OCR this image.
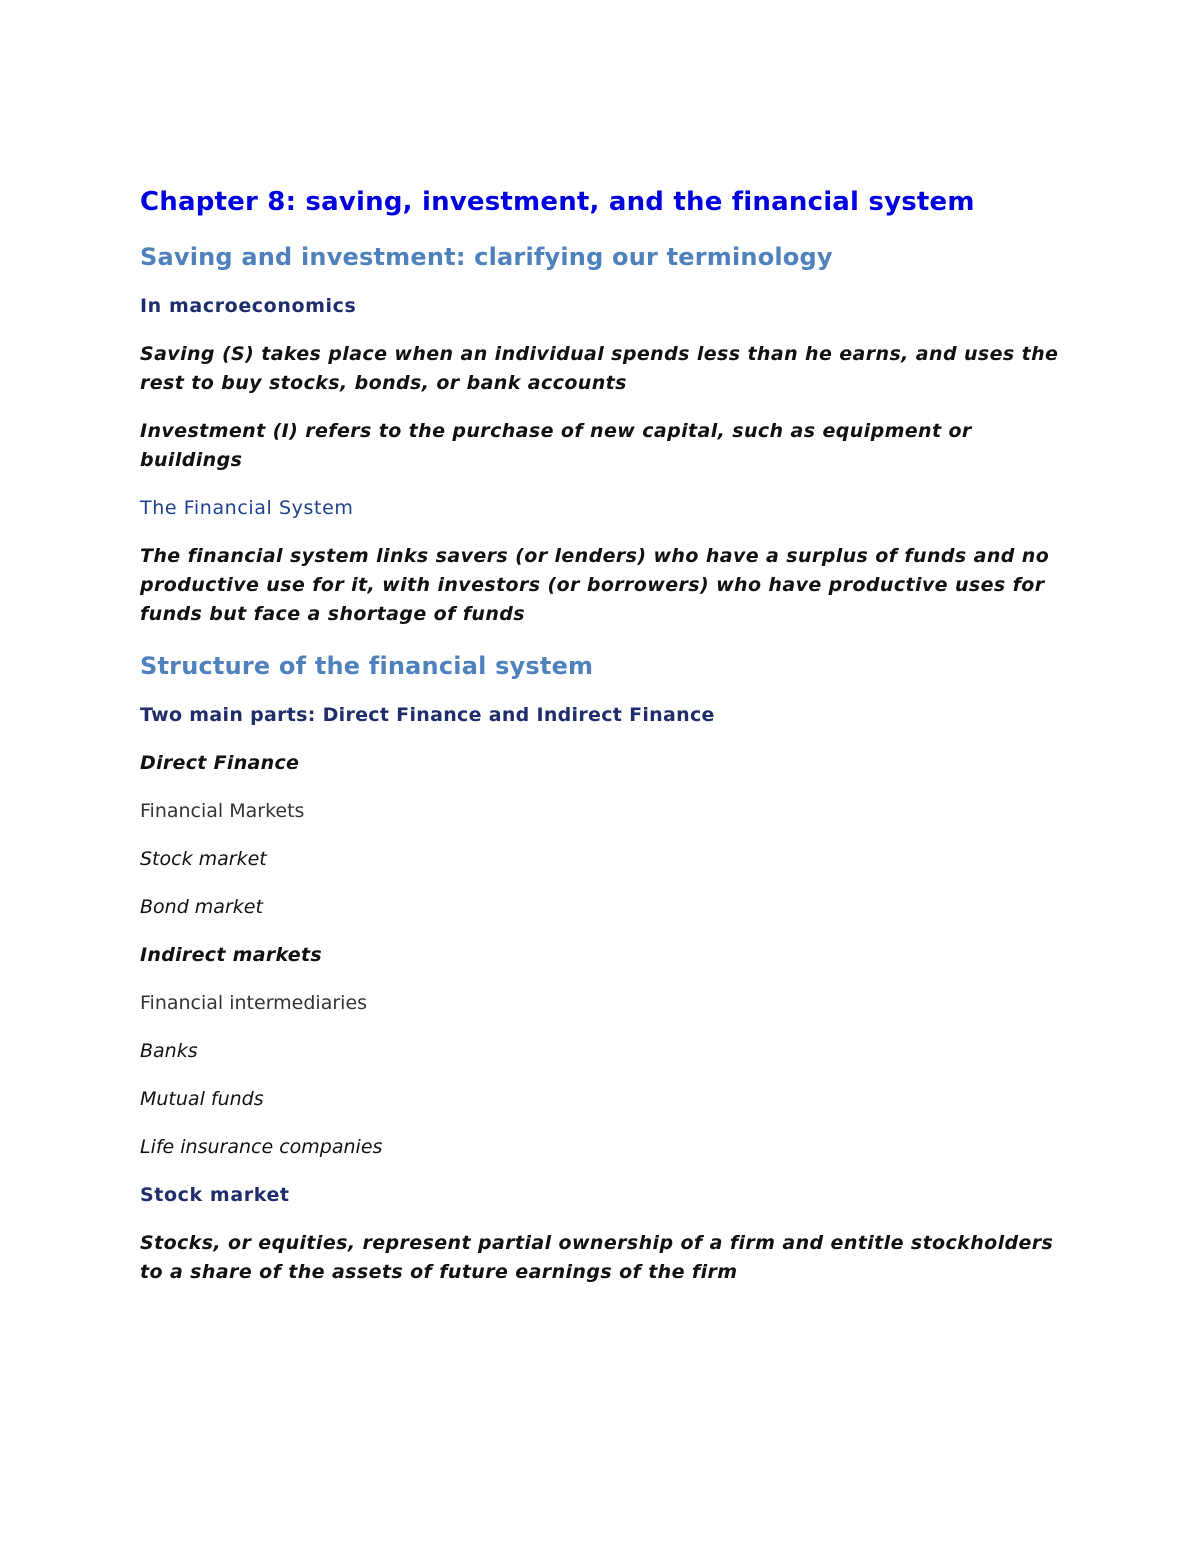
Chapter 8: saving, investment, and the financial system
Saving and investment: clarifying our terminology
In macroeconomics
Saving (S) takes place when an individual spends less than he earns, and uses the rest to buy stocks, bonds, or bank accounts
Investment (I) refers to the purchase of new capital, such as equipment or buildings
The Financial System
The financial system links savers (or lenders) who have a surplus of funds and no productive use for it, with investors (or borrowers) who have productive uses for funds but face a shortage of funds
Structure of the financial system
Two main parts: Direct Finance and Indirect Finance
Direct Finance
Financial Markets
Stock market
Bond market
Indirect markets
Financial intermediaries
Banks
Mutual funds
Life insurance companies
Stock market
Stocks, or equities, represent partial ownership of a firm and entitle stockholders to a share of the assets of future earnings of the firm
